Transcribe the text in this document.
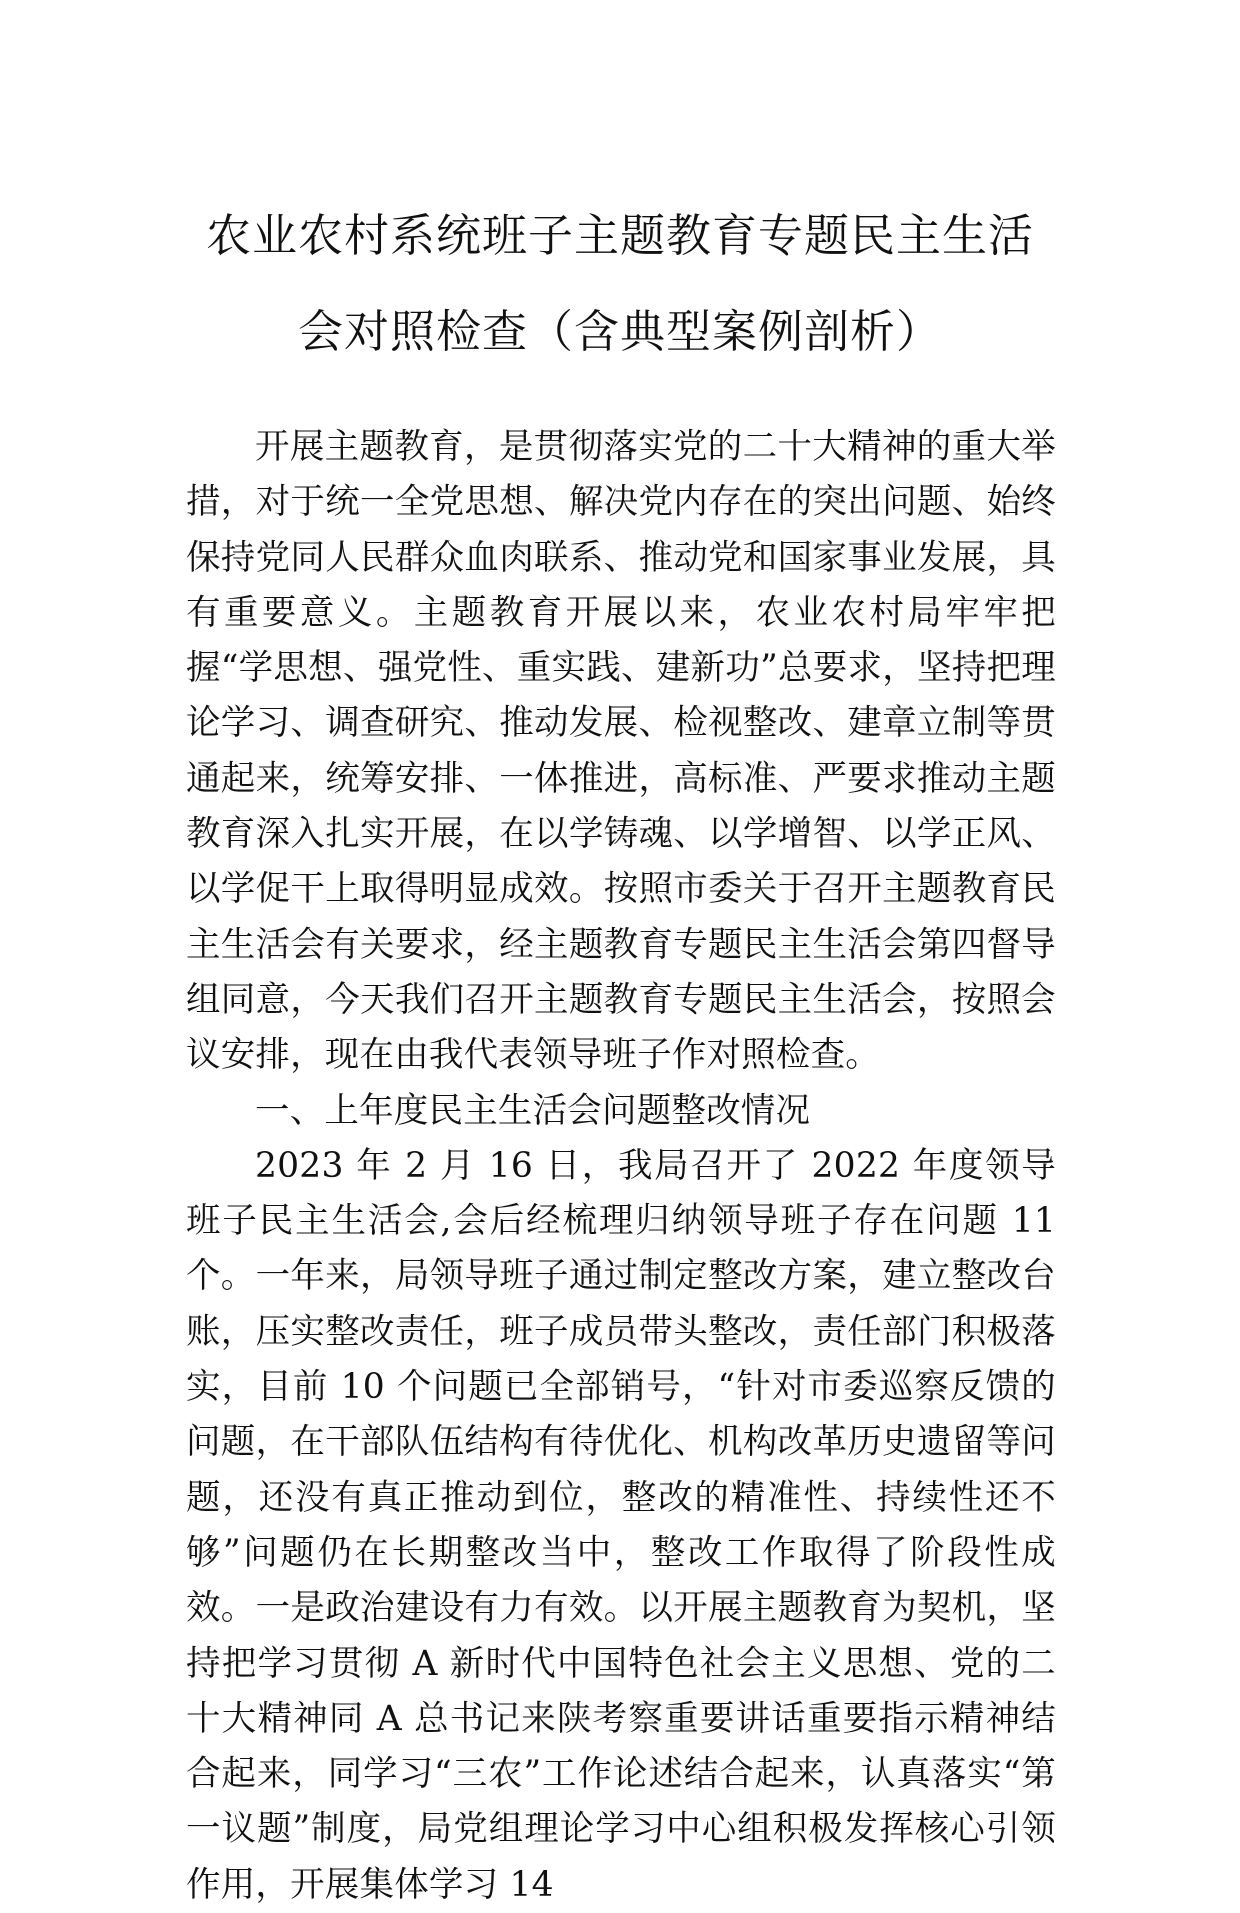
农业农村系统班子主题教育专题民主生活
会对照检查（含典型案例剖析）

开展主题教育，是贯彻落实党的二十大精神的重大举措，对于统一全党思想、解决党内存在的突出问题、始终保持党同人民群众血肉联系、推动党和国家事业发展，具有重要意义。主题教育开展以来，农业农村局牢牢把握“学思想、强党性、重实践、建新功”总要求，坚持把理论学习、调查研究、推动发展、检视整改、建章立制等贯通起来，统筹安排、一体推进，高标准、严要求推动主题教育深入扎实开展，在以学铸魂、以学增智、以学正风、以学促干上取得明显成效。按照市委关于召开主题教育民主生活会有关要求，经主题教育专题民主生活会第四督导组同意，今天我们召开主题教育专题民主生活会，按照会议安排，现在由我代表领导班子作对照检查。

一、上年度民主生活会问题整改情况

2023 年 2 月 16 日，我局召开了 2022 年度领导班子民主生活会,会后经梳理归纳领导班子存在问题 11 个。一年来，局领导班子通过制定整改方案，建立整改台账，压实整改责任，班子成员带头整改，责任部门积极落实，目前 10 个问题已全部销号，“针对市委巡察反馈的问题，在干部队伍结构有待优化、机构改革历史遗留等问题，还没有真正推动到位，整改的精准性、持续性还不够”问题仍在长期整改当中，整改工作取得了阶段性成效。一是政治建设有力有效。以开展主题教育为契机，坚持把学习贯彻 A 新时代中国特色社会主义思想、党的二十大精神同 A 总书记来陕考察重要讲话重要指示精神结合起来，同学习“三农”工作论述结合起来，认真落实“第一议题”制度，局党组理论学习中心组积极发挥核心引领作用，开展集体学习 14
